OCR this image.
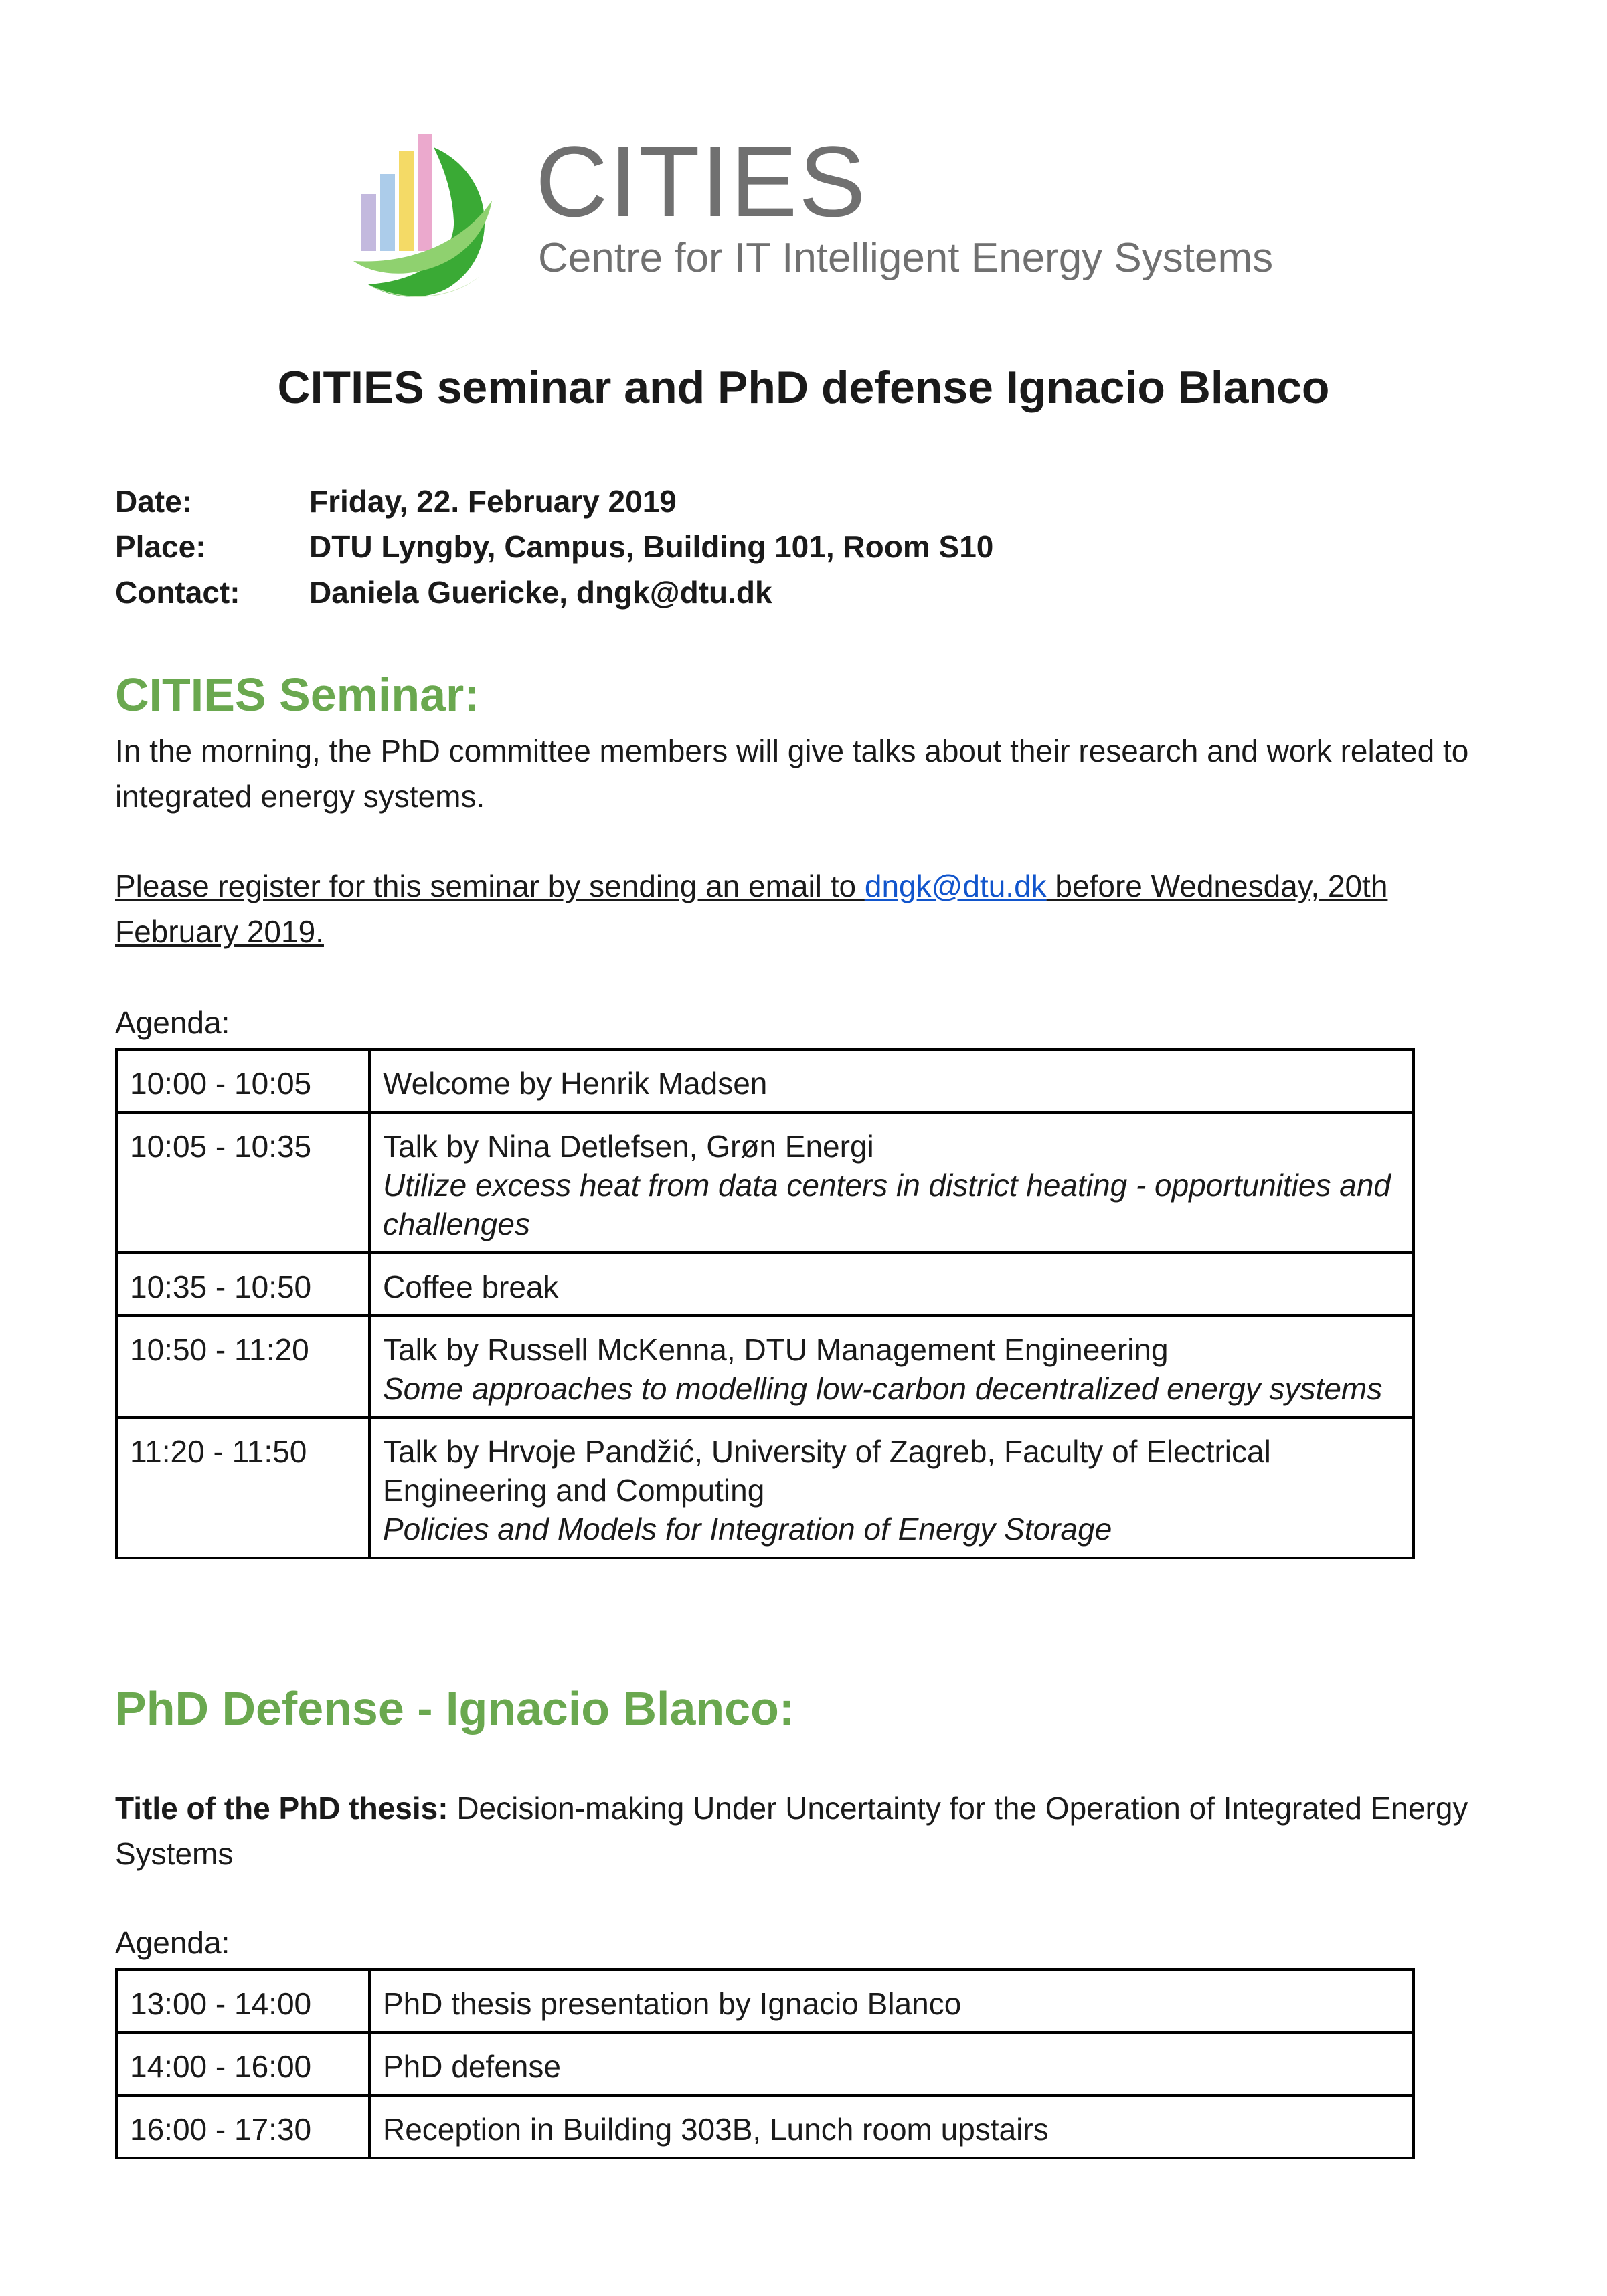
CITIES
Centre for IT Intelligent Energy Systems
CITIES seminar and PhD defense Ignacio Blanco
Date:	Friday, 22. February 2019
Place:	DTU Lyngby, Campus, Building 101, Room S10
Contact: Daniela Guericke, dngk@dtu.dk
CITIES Seminar:
In the morning, the PhD committee members will give talks about their research and work related to integrated energy systems.
Please register for this seminar by sending an email to dngk@dtu.dk before Wednesday, 20th February 2019.
Agenda:
10:00 - 10:05	Welcome by Henrik Madsen
10:05 - 10:35	Talk by Nina Detlefsen, Grøn Energi
Utilize excess heat from data centers in district heating - opportunities and challenges

10:35 - 10:50	Coffee break
10:50 - 11:20	Talk by Russell McKenna, DTU Management Engineering
Some approaches to modelling low-carbon decentralized energy systems

11:20 - 11:50	Talk by Hrvoje Pandžić, University of Zagreb, Faculty of Electrical Engineering and Computing
Policies and Models for Integration of Energy Storage
PhD Defense - Ignacio Blanco:
Title of the PhD thesis: Decision-making Under Uncertainty for the Operation of Integrated Energy Systems
Agenda:
13:00 - 14:00	PhD thesis presentation by Ignacio Blanco
14:00 - 16:00	PhD defense
16:00 - 17:30	Reception in Building 303B, Lunch room upstairs
